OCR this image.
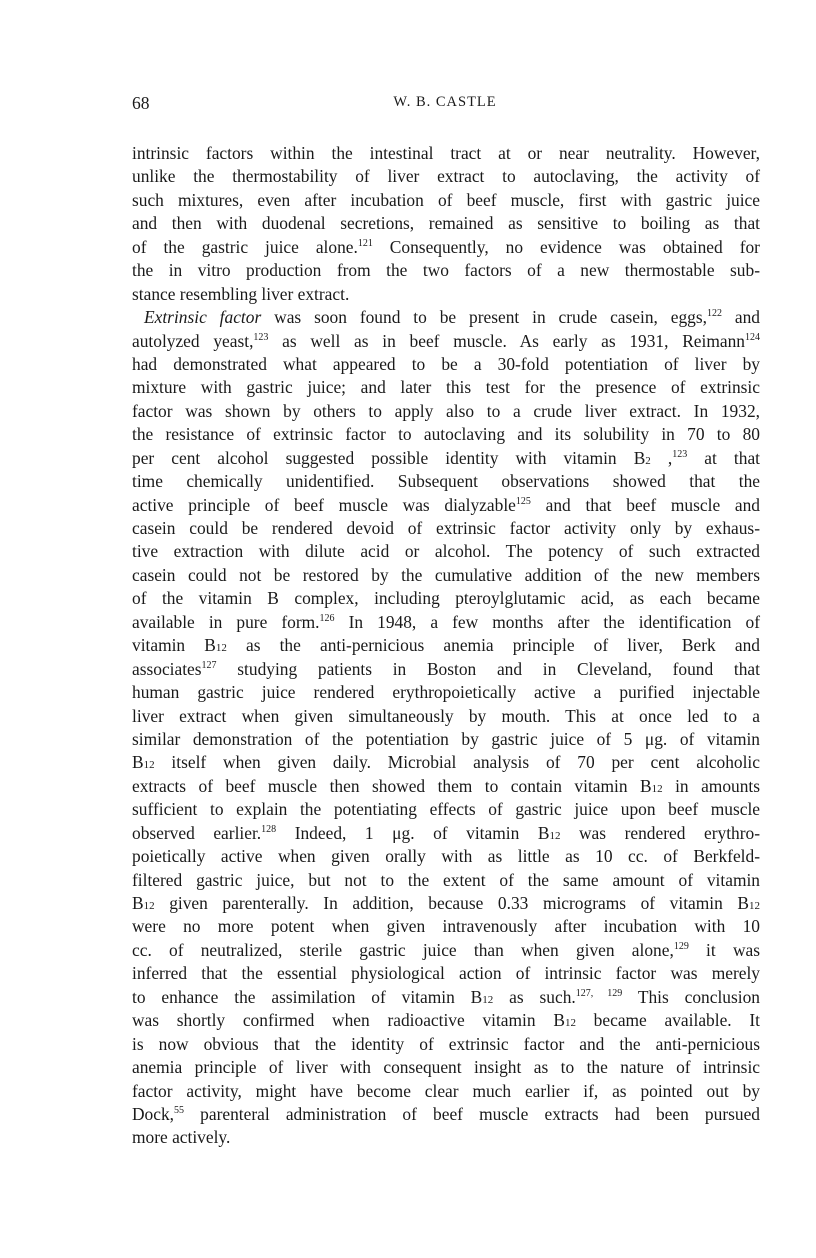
68	W. B. CASTLE
intrinsic factors within the intestinal tract at or near neutrality. However,
unlike the thermostability of liver extract to autoclaving, the activity of
such mixtures, even after incubation of beef muscle, first with gastric juice
and then with duodenal secretions, remained as sensitive to boiling as that
of the gastric juice alone.$^{121}$ Consequently, no evidence was obtained for
the in vitro production from the two factors of a new thermostable sub-
stance resembling liver extract.
Extrinsic factor was soon found to be present in crude casein, eggs,$^{122}$ and
autolyzed yeast,$^{123}$ as well as in beef muscle. As early as 1931, Reimann$^{124}$
had demonstrated what appeared to be a 30-fold potentiation of liver by
mixture with gastric juice; and later this test for the presence of extrinsic
factor was shown by others to apply also to a crude liver extract. In 1932,
the resistance of extrinsic factor to autoclaving and its solubility in 70 to 80
per cent alcohol suggested possible identity with vitamin B2 ,$^{123}$ at that
time chemically unidentified. Subsequent observations showed that the
active principle of beef muscle was dialyzable$^{125}$ and that beef muscle and
casein could be rendered devoid of extrinsic factor activity only by exhaus-
tive extraction with dilute acid or alcohol. The potency of such extracted
casein could not be restored by the cumulative addition of the new members
of the vitamin B complex, including pteroylglutamic acid, as each became
available in pure form.$^{126}$ In 1948, a few months after the identification of
vitamin B12 as the anti-pernicious anemia principle of liver, Berk and
associates$^{127}$ studying patients in Boston and in Cleveland, found that
human gastric juice rendered erythropoietically active a purified injectable
liver extract when given simultaneously by mouth. This at once led to a
similar demonstration of the potentiation by gastric juice of 5 μg. of vitamin
B12 itself when given daily. Microbial analysis of 70 per cent alcoholic
extracts of beef muscle then showed them to contain vitamin B12 in amounts
sufficient to explain the potentiating effects of gastric juice upon beef muscle
observed earlier.$^{128}$ Indeed, 1 μg. of vitamin B12 was rendered erythro-
poietically active when given orally with as little as 10 cc. of Berkfeld-
filtered gastric juice, but not to the extent of the same amount of vitamin
B12 given parenterally. In addition, because 0.33 micrograms of vitamin B12
were no more potent when given intravenously after incubation with 10
cc. of neutralized, sterile gastric juice than when given alone,$^{129}$ it was
inferred that the essential physiological action of intrinsic factor was merely
to enhance the assimilation of vitamin B12 as such.$^{127, 129}$ This conclusion
was shortly confirmed when radioactive vitamin B12 became available. It
is now obvious that the identity of extrinsic factor and the anti-pernicious
anemia principle of liver with consequent insight as to the nature of intrinsic
factor activity, might have become clear much earlier if, as pointed out by
Dock,$^{55}$ parenteral administration of beef muscle extracts had been pursued
more actively.
